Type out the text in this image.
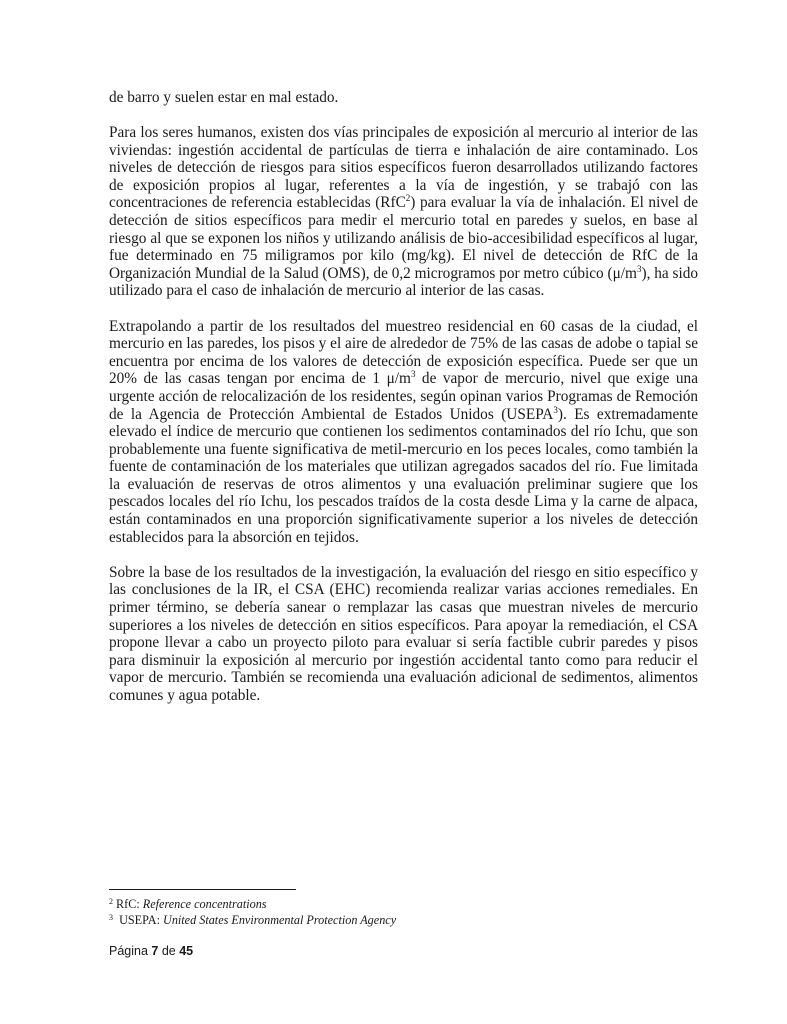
de barro y suelen estar en mal estado.

Para los seres humanos, existen dos vías principales de exposición al mercurio al interior de las viviendas: ingestión accidental de partículas de tierra e inhalación de aire contaminado. Los niveles de detección de riesgos para sitios específicos fueron desarrollados utilizando factores de exposición propios al lugar, referentes a la vía de ingestión, y se trabajó con las concentraciones de referencia establecidas (RfC$^2$) para evaluar la vía de inhalación. El nivel de detección de sitios específicos para medir el mercurio total en paredes y suelos, en base al riesgo al que se exponen los niños y utilizando análisis de bio-accesibilidad específicos al lugar, fue determinado en 75 miligramos por kilo (mg/kg). El nivel de detección de RfC de la Organización Mundial de la Salud (OMS), de 0,2 microgramos por metro cúbico $(\mu/m^3)$, ha sido utilizado para el caso de inhalación de mercurio al interior de las casas.

Extrapolando a partir de los resultados del muestreo residencial en 60 casas de la ciudad, el mercurio en las paredes, los pisos y el aire de alrededor de 75% de las casas de adobe o tapial se encuentra por encima de los valores de detección de exposición específica. Puede ser que un 20% de las casas tengan por encima de 1 $\mu/m^3$ de vapor de mercurio, nivel que exige una urgente acción de relocalización de los residentes, según opinan varios Programas de Remoción de la Agencia de Protección Ambiental de Estados Unidos (USEPA$^3$). Es extremadamente elevado el índice de mercurio que contienen los sedimentos contaminados del río Ichu, que son probablemente una fuente significativa de metil-mercurio en los peces locales, como también la fuente de contaminación de los materiales que utilizan agregados sacados del río. Fue limitada la evaluación de reservas de otros alimentos y una evaluación preliminar sugiere que los pescados locales del río Ichu, los pescados traídos de la costa desde Lima y la carne de alpaca, están contaminados en una proporción significativamente superior a los niveles de detección establecidos para la absorción en tejidos.

Sobre la base de los resultados de la investigación, la evaluación del riesgo en sitio específico y las conclusiones de la IR, el CSA (EHC) recomienda realizar varias acciones remediales. En primer término, se debería sanear o remplazar las casas que muestran niveles de mercurio superiores a los niveles de detección en sitios específicos. Para apoyar la remediación, el CSA propone llevar a cabo un proyecto piloto para evaluar si sería factible cubrir paredes y pisos para disminuir la exposición al mercurio por ingestión accidental tanto como para reducir el vapor de mercurio. También se recomienda una evaluación adicional de sedimentos, alimentos comunes y agua potable.

$^2$ RfC: Reference concentrations
$^3$  USEPA: United States Environmental Protection Agency
Página 7 de 45
